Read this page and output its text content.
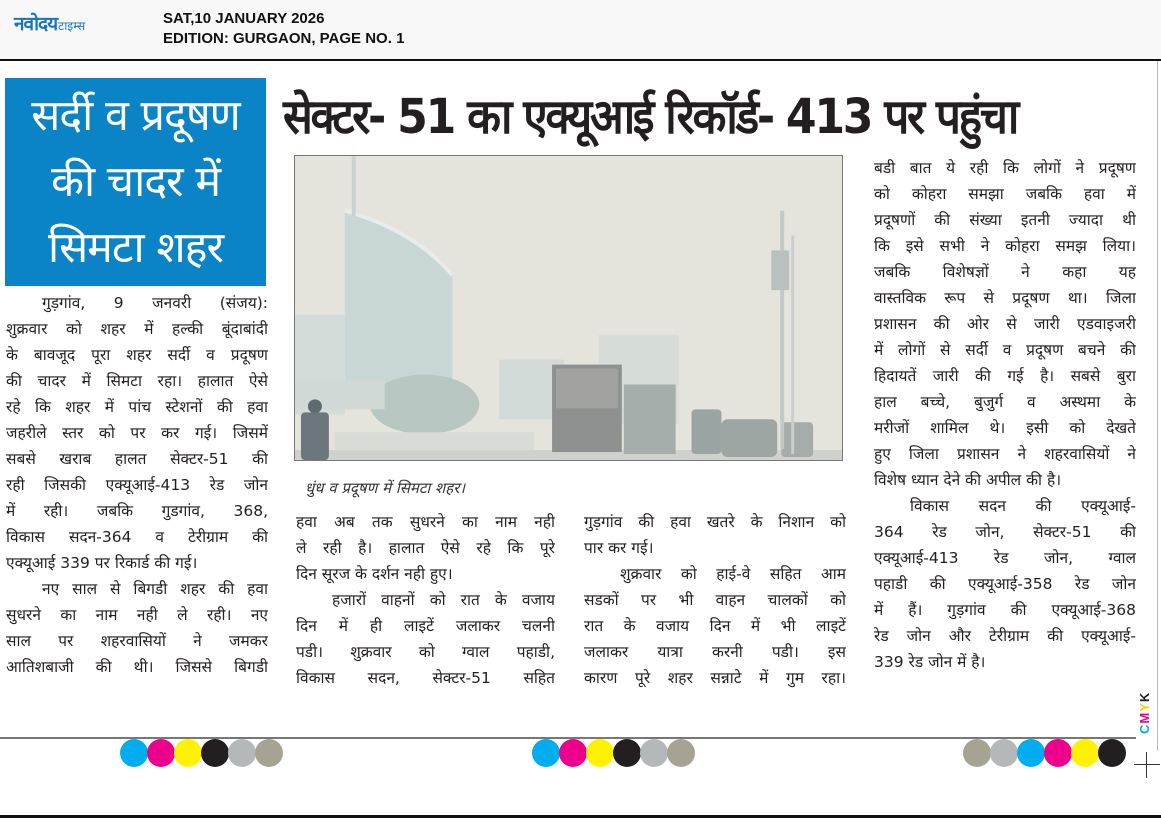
नवोदय टाइम्स	SAT,10 JANUARY 2026
EDITION: GURGAON, PAGE NO. 1
सर्दी व प्रदूषण
की चादर में
सिमटा शहर
सेक्टर- 51 का एक्यूआई रिकॉर्ड- 413 पर पहुंचा
धुंध व प्रदूषण में सिमटा शहर।
गुड़गांव, 9 जनवरी (संजय):
शुक्रवार को शहर में हल्की बूंदाबांदी
के बावजूद पूरा शहर सर्दी व प्रदूषण
की चादर में सिमटा रहा। हालात ऐसे
रहे कि शहर में पांच स्टेशनों की हवा
जहरीले स्तर को पर कर गई। जिसमें
सबसे खराब हालत सेक्टर-51 की
रही जिसकी एक्यूआई-413 रेड जोन
में रही। जबकि गुडगांव, 368,
विकास सदन-364 व टेरीग्राम की
एक्यूआई 339 पर रिकार्ड की गई।
नए साल से बिगडी शहर की हवा
सुधरने का नाम नही ले रही। नए
साल पर शहरवासियों ने जमकर
आतिशबाजी की थी। जिससे बिगडी
हवा अब तक सुधरने का नाम नही
ले रही है। हालात ऐसे रहे कि पूरे
दिन सूरज के दर्शन नही हुए।
हजारों वाहनों को रात के वजाय
दिन में ही लाइटें जलाकर चलनी
पडी। शुक्रवार को ग्वाल पहाडी,
विकास सदन, सेक्टर-51 सहित
गुड़गांव की हवा खतरे के निशान को
पार कर गई।
शुक्रवार को हाई-वे सहित आम
सडकों पर भी वाहन चालकों को
रात के वजाय दिन में भी लाइटें
जलाकर यात्रा करनी पडी। इस
कारण पूरे शहर सन्नाटे में गुम रहा।
बडी बात ये रही कि लोगों ने प्रदूषण
को कोहरा समझा जबकि हवा में
प्रदूषणों की संख्या इतनी ज्यादा थी
कि इसे सभी ने कोहरा समझ लिया।
जबकि विशेषज्ञों ने कहा यह
वास्तविक रूप से प्रदूषण था। जिला
प्रशासन की ओर से जारी एडवाइजरी
में लोगों से सर्दी व प्रदूषण बचने की
हिदायतें जारी की गई है। सबसे बुरा
हाल बच्चे, बुजुर्ग व अस्थमा के
मरीजों शामिल थे। इसी को देखते
हुए जिला प्रशासन ने शहरवासियों ने
विशेष ध्यान देने की अपील की है।
विकास सदन की एक्यूआई-
364 रेड जोन, सेक्टर-51 की
एक्यूआई-413 रेड जोन, ग्वाल
पहाडी की एक्यूआई-358 रेड जोन
में हैं। गुड़गांव की एक्यूआई-368
रेड जोन और टेरीग्राम की एक्यूआई-
339 रेड जोन में है।
CMYK
